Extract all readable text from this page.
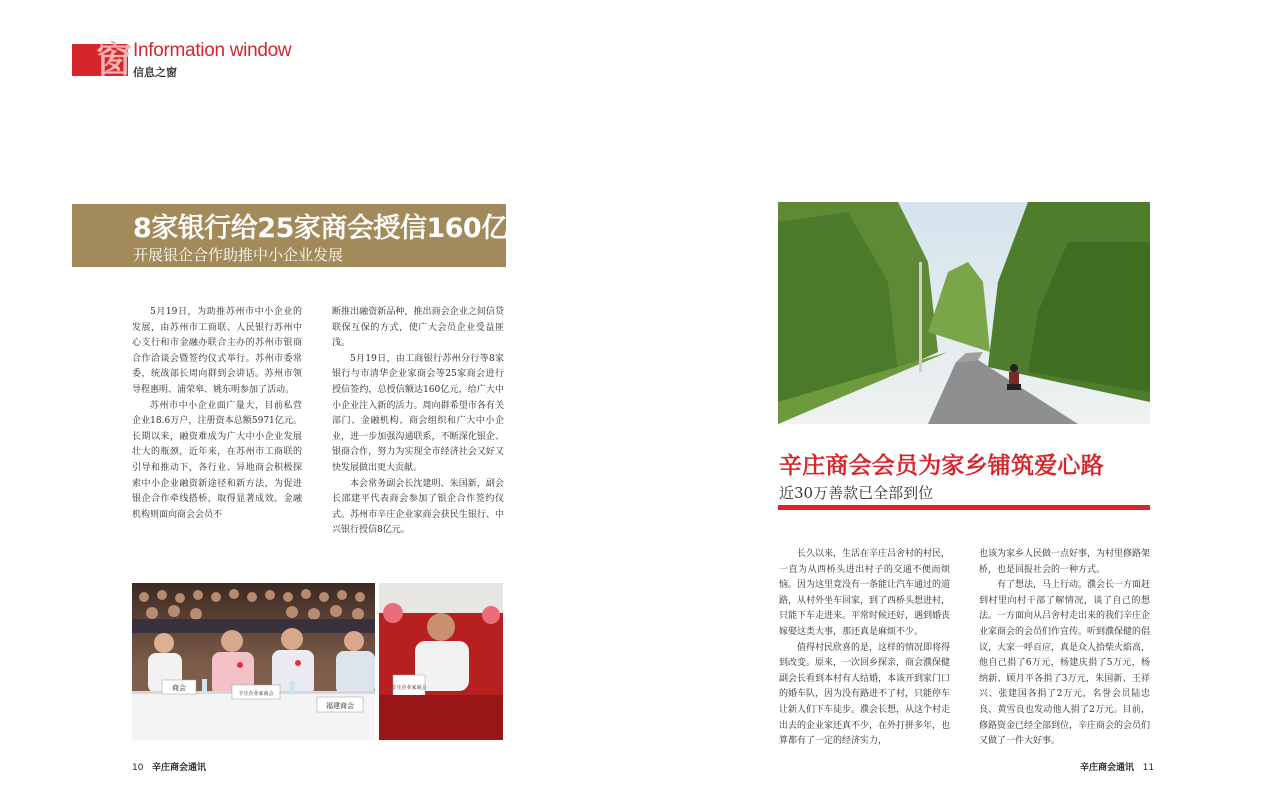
窗 Information window
信息之窗
8家银行给25家商会授信160亿
开展银企合作助推中小企业发展

5月19日，为助推苏州市中小企业的发展，由苏州市工商联、人民银行苏州中心支行和市金融办联合主办的苏州市银商合作洽谈会暨签约仪式举行。苏州市委常委，统战部长周向群到会讲话。苏州市领导程惠明、浦荣皋、姚东明参加了活动。

苏州市中小企业面广量大，目前私营企业18.6万户，注册资本总额5971亿元。长期以来，融资难成为广大中小企业发展壮大的瓶颈，近年来，在苏州市工商联的引导和推动下，各行业、异地商会积极探索中小企业融资新途径和新方法，为促进银企合作牵线搭桥，取得显著成效。金融机构则面向商会会员不

断推出融资新品种，推出商会企业之间信贷联保互保的方式，使广大会员企业受益匪浅。

5月19日，由工商银行苏州分行等8家银行与市清华企业家商会等25家商会进行授信签约，总授信额达160亿元，给广大中小企业注入新的活力。周向群希望市各有关部门、金融机构、商会组织和广大中小企业，进一步加强沟通联系，不断深化银企、银商合作，努力为实现全市经济社会又好又快发展做出更大贡献。

本会常务副会长沈建明、朱国新，副会长邵建平代表商会参加了银企合作签约仪式。苏州市辛庄企业家商会获民生银行、中兴银行授信8亿元。

商会
辛庄企业家商会
福建商会
辛庄企业家商会
辛庄商会会员为家乡铺筑爱心路
近30万善款已全部到位

长久以来，生活在辛庄吕舍村的村民，一直为从西桥头进出村子的交通不便而烦恼。因为这里竟没有一条能让汽车通过的道路，从村外坐车回家，到了西桥头想进村，只能下车走进来。平常时候还好，遇到婚丧嫁娶这类大事，那还真是麻烦不少。

值得村民欣喜的是，这样的情况即将得到改变。原来，一次回乡探亲，商会濮保健副会长看到本村有人结婚，本该开到家门口的婚车队，因为没有路进不了村，只能停车让新人们下车徒步。濮会长想，从这个村走出去的企业家还真不少，在外打拼多年，也算都有了一定的经济实力，

也该为家乡人民做一点好事，为村里修路架桥，也是回报社会的一种方式。

有了想法，马上行动。濮会长一方面赶到村里向村干部了解情况，谈了自己的想法。一方面向从吕舍村走出来的我们辛庄企业家商会的会员们作宣传。听到濮保健的倡议，大家一呼百应，真是众人拾柴火焰高，他自己捐了6万元，杨建庆捐了5万元，杨纳新、顾月平各捐了3万元，朱国新、王祥兴、张建国各捐了2万元，名誉会员陆忠良、黄雪良也发动他人捐了2万元。目前，修路资金已经全部到位，辛庄商会的会员们又做了一件大好事。

10 辛庄商会通讯	辛庄商会通讯 11
